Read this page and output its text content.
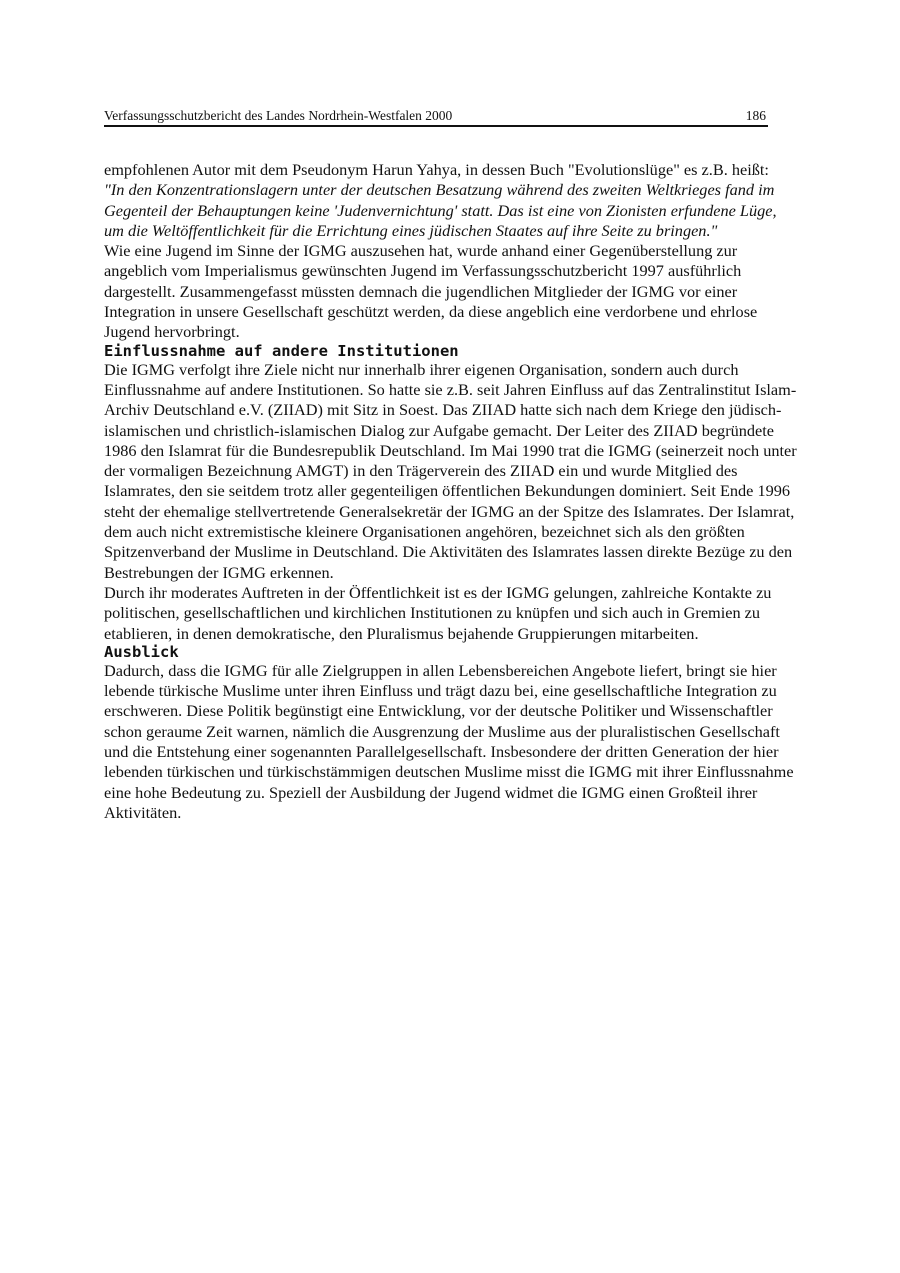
Verfassungsschutzbericht des Landes Nordrhein-Westfalen 2000	186

empfohlenen Autor mit dem Pseudonym Harun Yahya, in dessen Buch "Evolutionslüge" es z.B. heißt:

"In den Konzentrationslagern unter der deutschen Besatzung während des zweiten Weltkrieges fand im Gegenteil der Behauptungen keine 'Judenvernichtung' statt. Das ist eine von Zionisten erfundene Lüge, um die Weltöffentlichkeit für die Errichtung eines jüdischen Staates auf ihre Seite zu bringen."

Wie eine Jugend im Sinne der IGMG auszusehen hat, wurde anhand einer Gegenüberstellung zur angeblich vom Imperialismus gewünschten Jugend im Verfassungsschutzbericht 1997 ausführlich dargestellt. Zusammengefasst müssten demnach die jugendlichen Mitglieder der IGMG vor einer Integration in unsere Gesellschaft geschützt werden, da diese angeblich eine verdorbene und ehrlose Jugend hervorbringt.

Einflussnahme auf andere Institutionen

Die IGMG verfolgt ihre Ziele nicht nur innerhalb ihrer eigenen Organisation, sondern auch durch Einflussnahme auf andere Institutionen. So hatte sie z.B. seit Jahren Einfluss auf das Zentralinstitut Islam-Archiv Deutschland e.V. (ZIIAD) mit Sitz in Soest. Das ZIIAD hatte sich nach dem Kriege den jüdisch-islamischen und christlich-islamischen Dialog zur Aufgabe gemacht. Der Leiter des ZIIAD begründete 1986 den Islamrat für die Bundesrepublik Deutschland. Im Mai 1990 trat die IGMG (seinerzeit noch unter der vormaligen Bezeichnung AMGT) in den Trägerverein des ZIIAD ein und wurde Mitglied des Islamrates, den sie seitdem trotz aller gegenteiligen öffentlichen Bekundungen dominiert. Seit Ende 1996 steht der ehemalige stellvertretende Generalsekretär der IGMG an der Spitze des Islamrates. Der Islamrat, dem auch nicht extremistische kleinere Organisationen angehören, bezeichnet sich als den größten Spitzenverband der Muslime in Deutschland. Die Aktivitäten des Islamrates lassen direkte Bezüge zu den Bestrebungen der IGMG erkennen.

Durch ihr moderates Auftreten in der Öffentlichkeit ist es der IGMG gelungen, zahlreiche Kontakte zu politischen, gesellschaftlichen und kirchlichen Institutionen zu knüpfen und sich auch in Gremien zu etablieren, in denen demokratische, den Pluralismus bejahende Gruppierungen mitarbeiten.

Ausblick

Dadurch, dass die IGMG für alle Zielgruppen in allen Lebensbereichen Angebote liefert, bringt sie hier lebende türkische Muslime unter ihren Einfluss und trägt dazu bei, eine gesellschaftliche Integration zu erschweren. Diese Politik begünstigt eine Entwicklung, vor der deutsche Politiker und Wissenschaftler schon geraume Zeit warnen, nämlich die Ausgrenzung der Muslime aus der pluralistischen Gesellschaft und die Entstehung einer sogenannten Parallelgesellschaft. Insbesondere der dritten Generation der hier lebenden türkischen und türkischstämmigen deutschen Muslime misst die IGMG mit ihrer Einflussnahme eine hohe Bedeutung zu. Speziell der Ausbildung der Jugend widmet die IGMG einen Großteil ihrer Aktivitäten.
